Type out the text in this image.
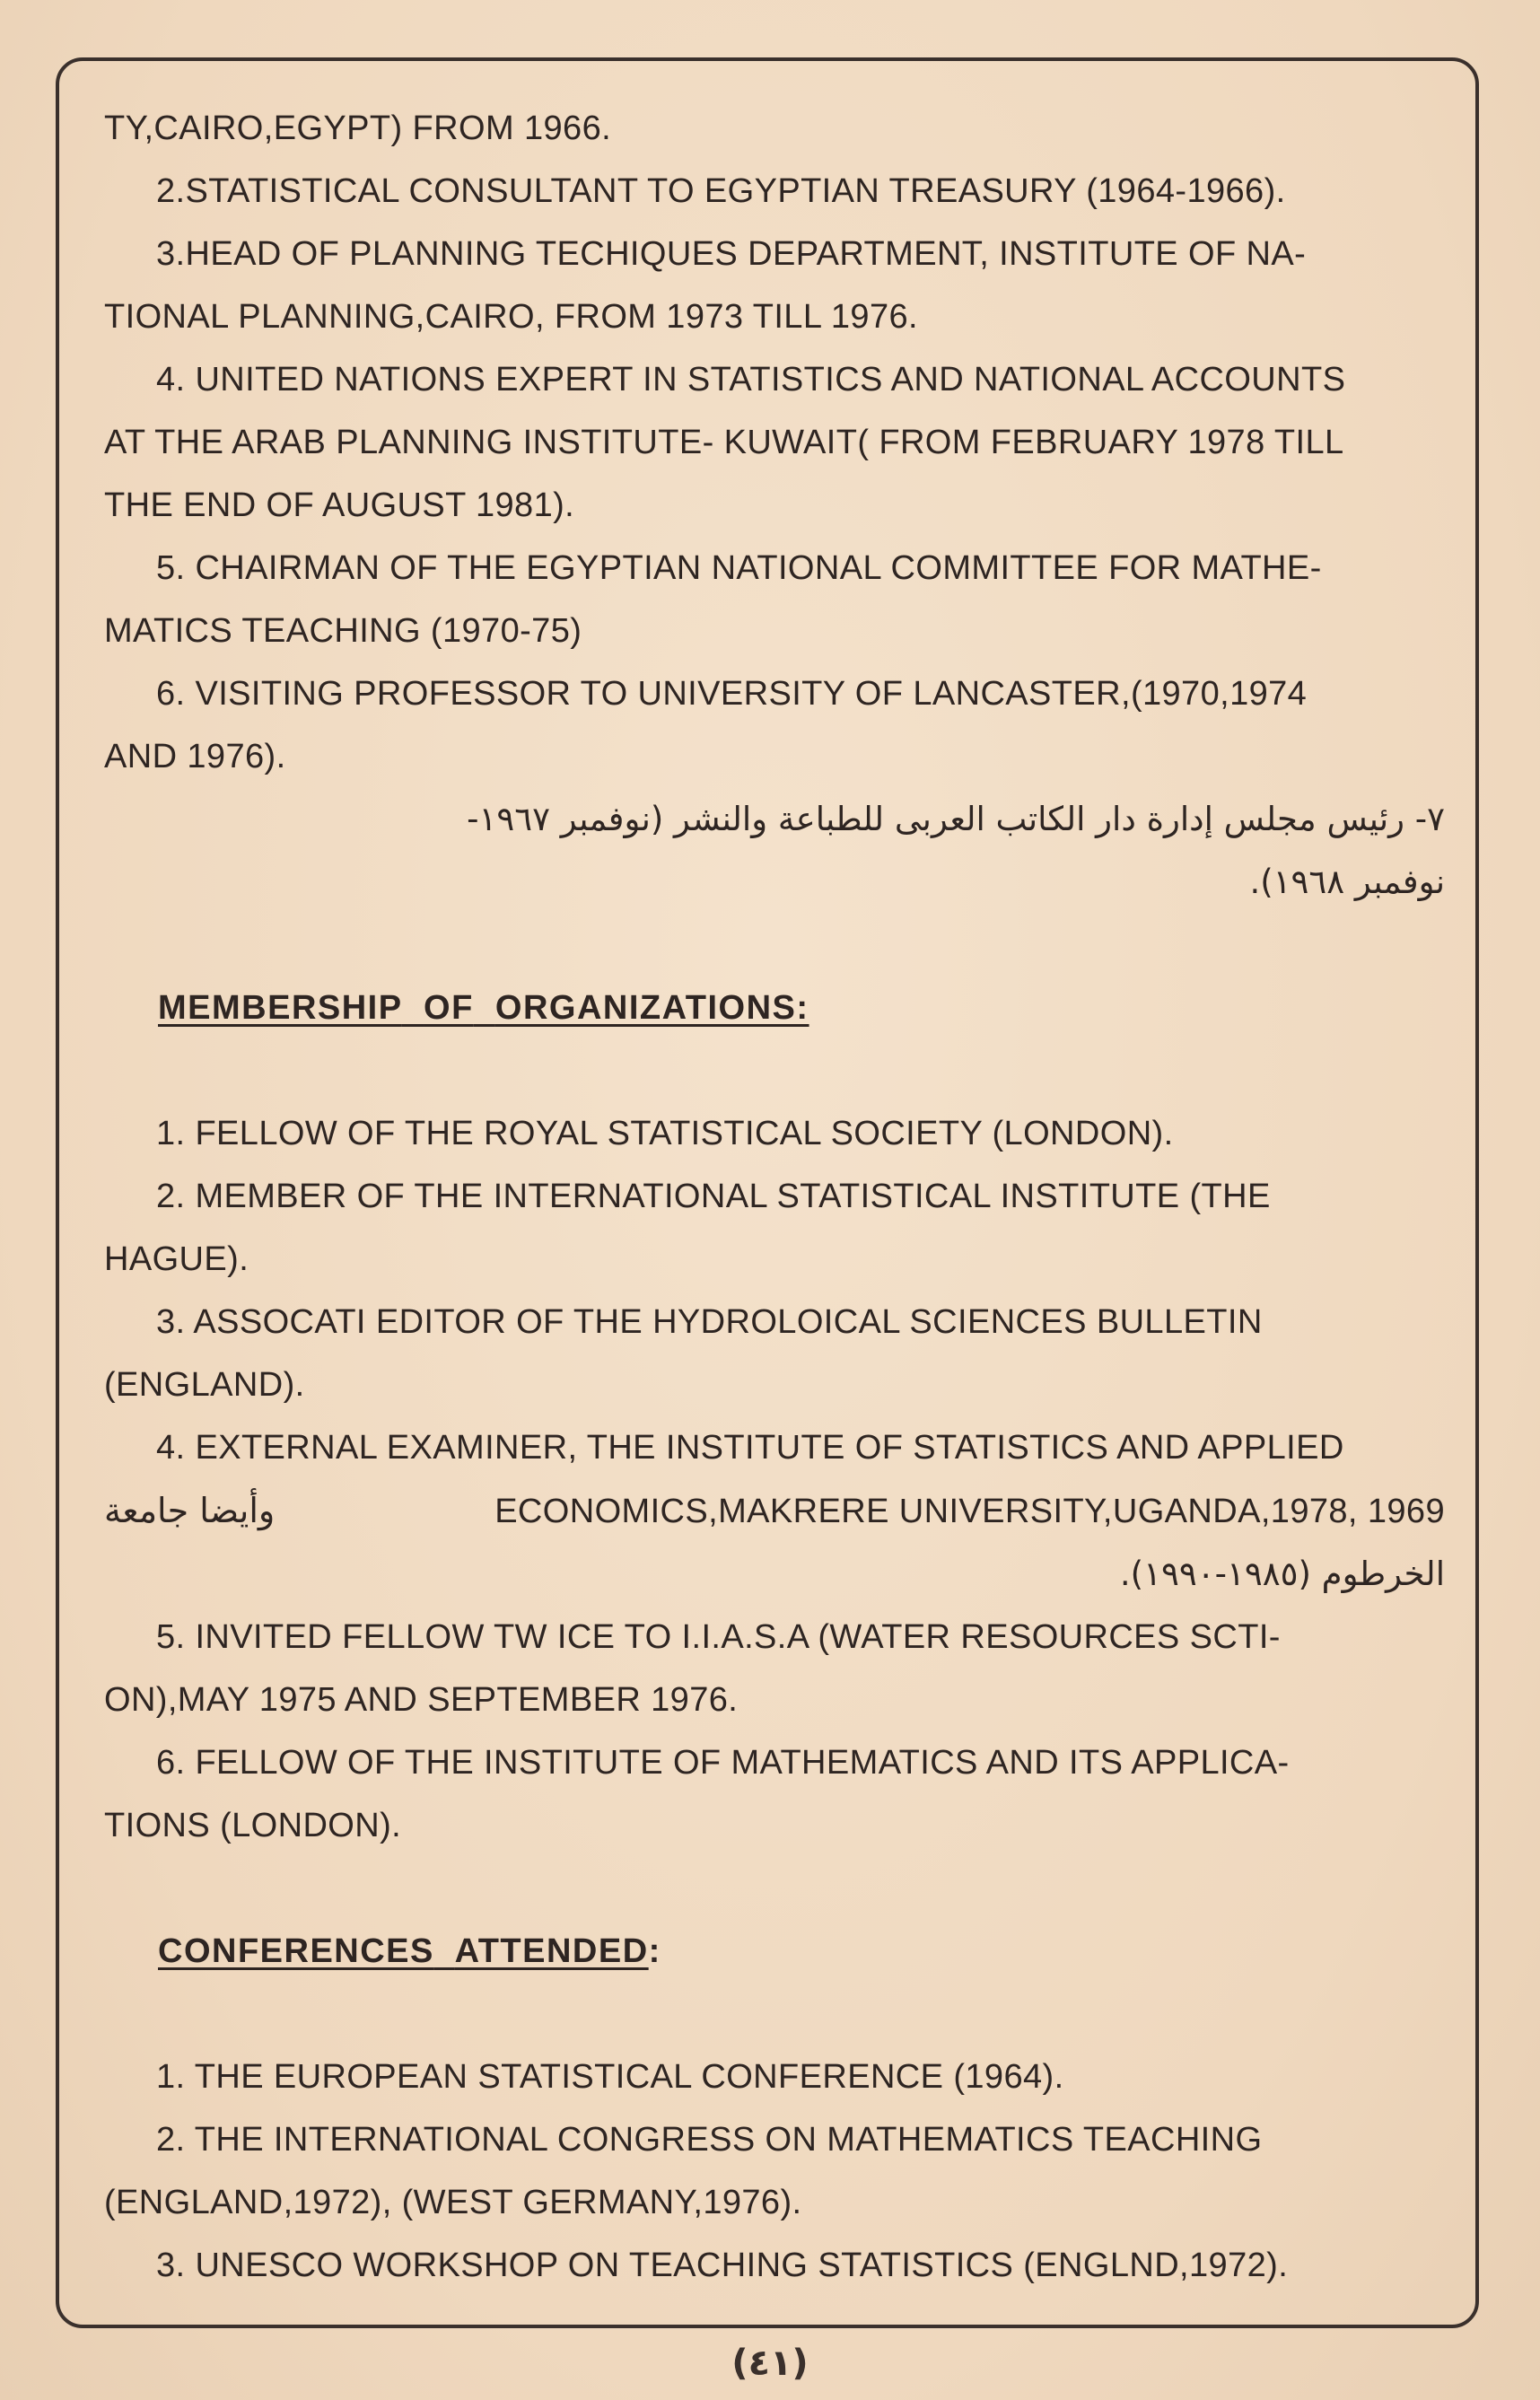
TY,CAIRO,EGYPT) FROM 1966.

2.STATISTICAL CONSULTANT TO EGYPTIAN TREASURY (1964-1966).

3.HEAD OF PLANNING TECHIQUES DEPARTMENT, INSTITUTE OF NA-

TIONAL PLANNING,CAIRO, FROM 1973 TILL 1976.

4. UNITED NATIONS EXPERT IN STATISTICS AND NATIONAL ACCOUNTS

AT THE ARAB PLANNING INSTITUTE- KUWAIT( FROM FEBRUARY 1978 TILL

THE END OF AUGUST 1981).

5. CHAIRMAN OF THE EGYPTIAN NATIONAL COMMITTEE FOR MATHE-

MATICS TEACHING (1970-75)

6. VISITING PROFESSOR TO UNIVERSITY OF LANCASTER,(1970,1974

AND 1976).

٧- رئيس مجلس إدارة دار الكاتب العربى للطباعة والنشر (نوفمبر ١٩٦٧-

نوفمبر ١٩٦٨).

MEMBERSHIP OF ORGANIZATIONS:

1. FELLOW OF THE ROYAL STATISTICAL SOCIETY (LONDON).

2. MEMBER OF THE INTERNATIONAL STATISTICAL INSTITUTE (THE

HAGUE).

3. ASSOCATI EDITOR OF THE HYDROLOICAL SCIENCES BULLETIN

(ENGLAND).

4. EXTERNAL EXAMINER, THE INSTITUTE OF STATISTICS AND APPLIED

وأيضا جامعة	ECONOMICS,MAKRERE UNIVERSITY,UGANDA,1978, 1969

الخرطوم (١٩٨٥-١٩٩٠).

5. INVITED FELLOW TW ICE TO I.I.A.S.A (WATER RESOURCES SCTI-

ON),MAY 1975 AND SEPTEMBER 1976.

6. FELLOW OF THE INSTITUTE OF MATHEMATICS AND ITS APPLICA-

TIONS (LONDON).

CONFERENCES ATTENDED:

1. THE EUROPEAN STATISTICAL CONFERENCE (1964).

2. THE INTERNATIONAL CONGRESS ON MATHEMATICS TEACHING

(ENGLAND,1972), (WEST GERMANY,1976).

3. UNESCO WORKSHOP ON TEACHING STATISTICS (ENGLND,1972).

(٤١)
